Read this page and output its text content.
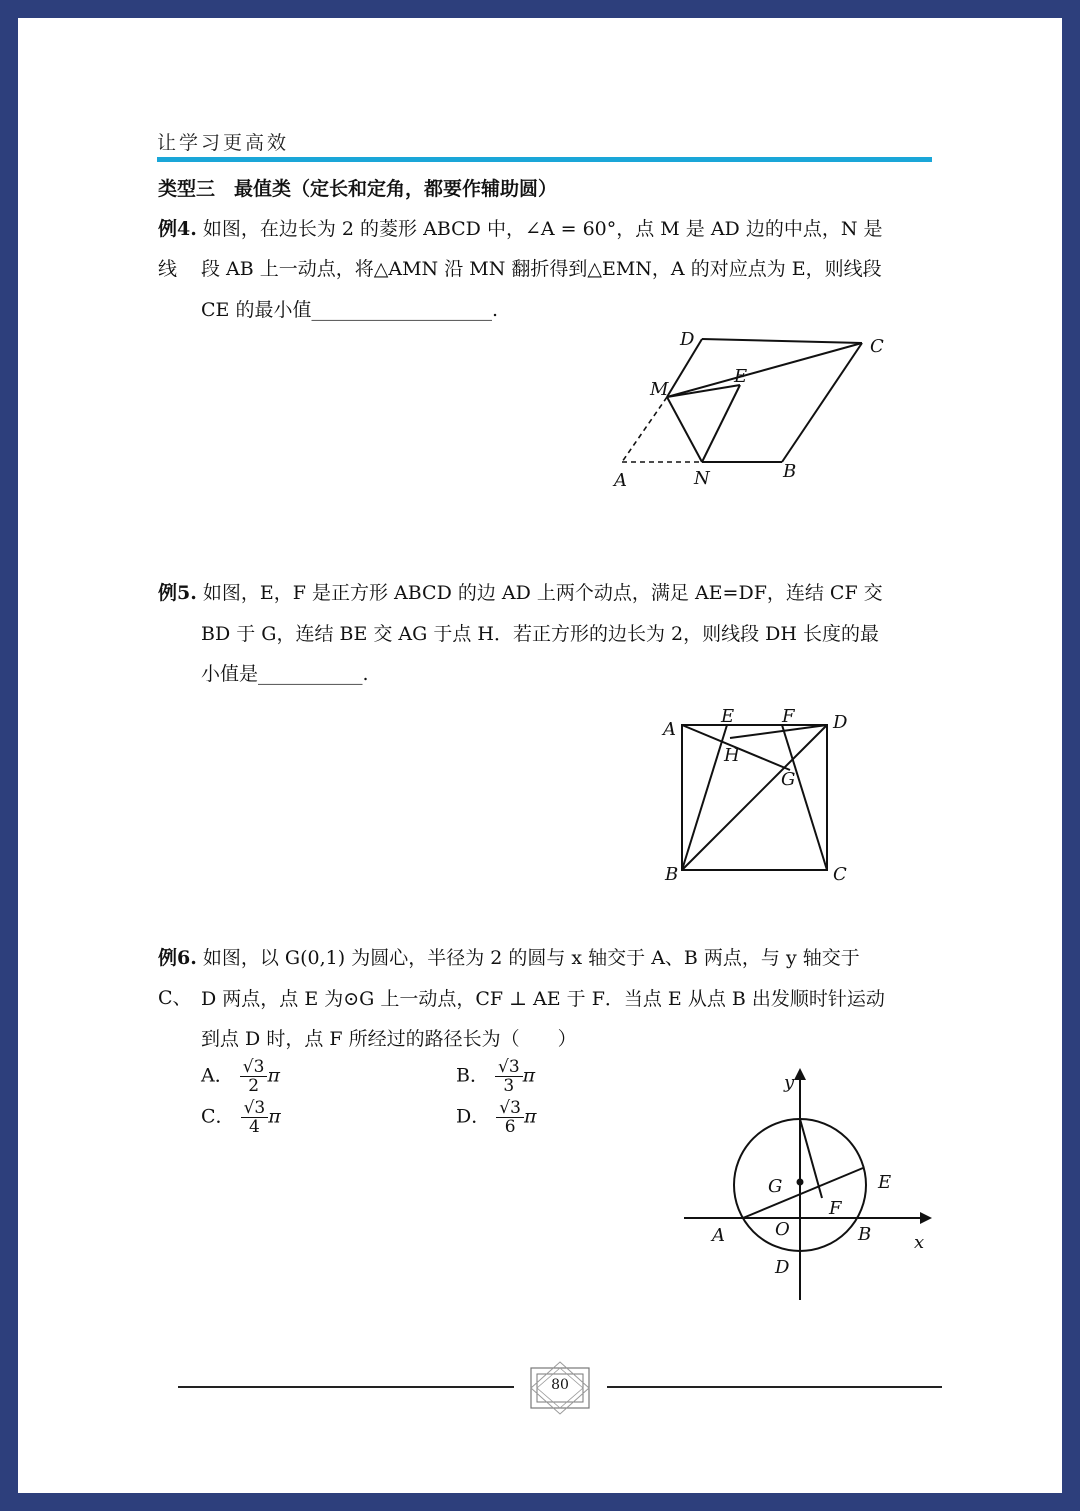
让学习更高效
类型三　最值类（定长和定角，都要作辅助圆）
例4. 如图，在边长为 2 的菱形 ABCD 中，∠A = 60°，点 M 是 AD 边的中点，N 是线	段 AB 上一动点，将△AMN 沿 MN 翻折得到△EMN，A 的对应点为 E，则线段
CE 的最小值___________________.
D	C
M
E
A	N	B
例5. 如图，E，F 是正方形 ABCD 的边 AD 上两个动点，满足 AE=DF，连结 CF 交
BD 于 G，连结 BE 交 AG 于点 H．若正方形的边长为 2，则线段 DH 长度的最
小值是___________.
A
E	F D
H
G
B	C
例6. 如图，以 G(0,1) 为圆心，半径为 2 的圆与 x 轴交于 A、B 两点，与 y 轴交于 C、 D 两点，点 E 为⊙G 上一动点，CF ⊥ AE 于 F．当点 E 从点 B 出发顺时针运动
到点 D 时，点 F 所经过的路径长为（　　）
A． $\frac{√3}{2}$ π	B． $\frac{√3}{3}$ π
C． $\frac{√3}{4}$ π	D． $\frac{√3}{6}$ π
y
x
G	E
F
A	O	B
D
80
